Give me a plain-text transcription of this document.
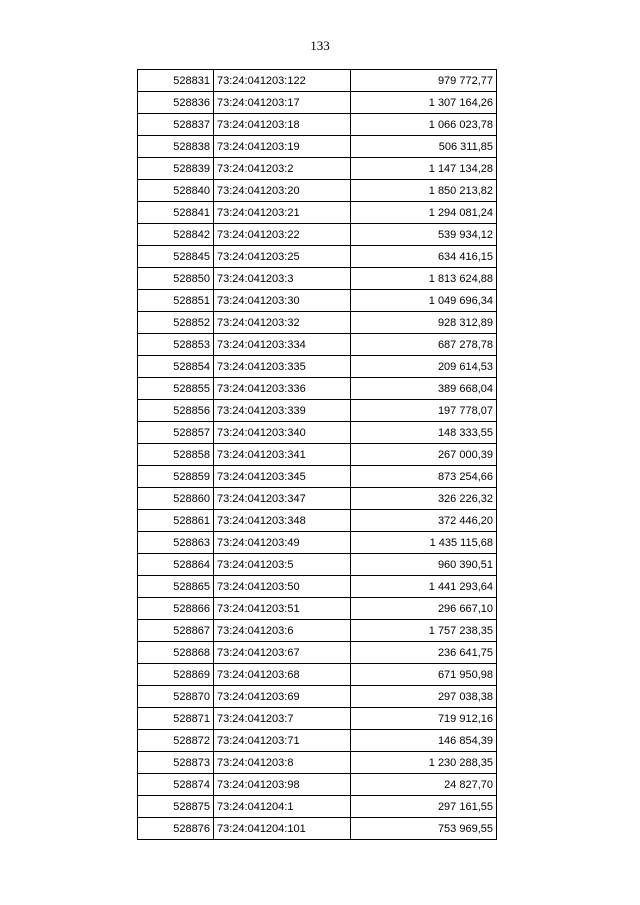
133
528831	73:24:041203:122	979 772,77
528836	73:24:041203:17	1 307 164,26
528837	73:24:041203:18	1 066 023,78
528838	73:24:041203:19	506 311,85
528839	73:24:041203:2	1 147 134,28
528840	73:24:041203:20	1 850 213,82
528841	73:24:041203:21	1 294 081,24
528842	73:24:041203:22	539 934,12
528845	73:24:041203:25	634 416,15
528850	73:24:041203:3	1 813 624,88
528851	73:24:041203:30	1 049 696,34
528852	73:24:041203:32	928 312,89
528853	73:24:041203:334	687 278,78
528854	73:24:041203:335	209 614,53
528855	73:24:041203:336	389 668,04
528856	73:24:041203:339	197 778,07
528857	73:24:041203:340	148 333,55
528858	73:24:041203:341	267 000,39
528859	73:24:041203:345	873 254,66
528860	73:24:041203:347	326 226,32
528861	73:24:041203:348	372 446,20
528863	73:24:041203:49	1 435 115,68
528864	73:24:041203:5	960 390,51
528865	73:24:041203:50	1 441 293,64
528866	73:24:041203:51	296 667,10
528867	73:24:041203:6	1 757 238,35
528868	73:24:041203:67	236 641,75
528869	73:24:041203:68	671 950,98
528870	73:24:041203:69	297 038,38
528871	73:24:041203:7	719 912,16
528872	73:24:041203:71	146 854,39
528873	73:24:041203:8	1 230 288,35
528874	73:24:041203:98	24 827,70
528875	73:24:041204:1	297 161,55
528876	73:24:041204:101	753 969,55
